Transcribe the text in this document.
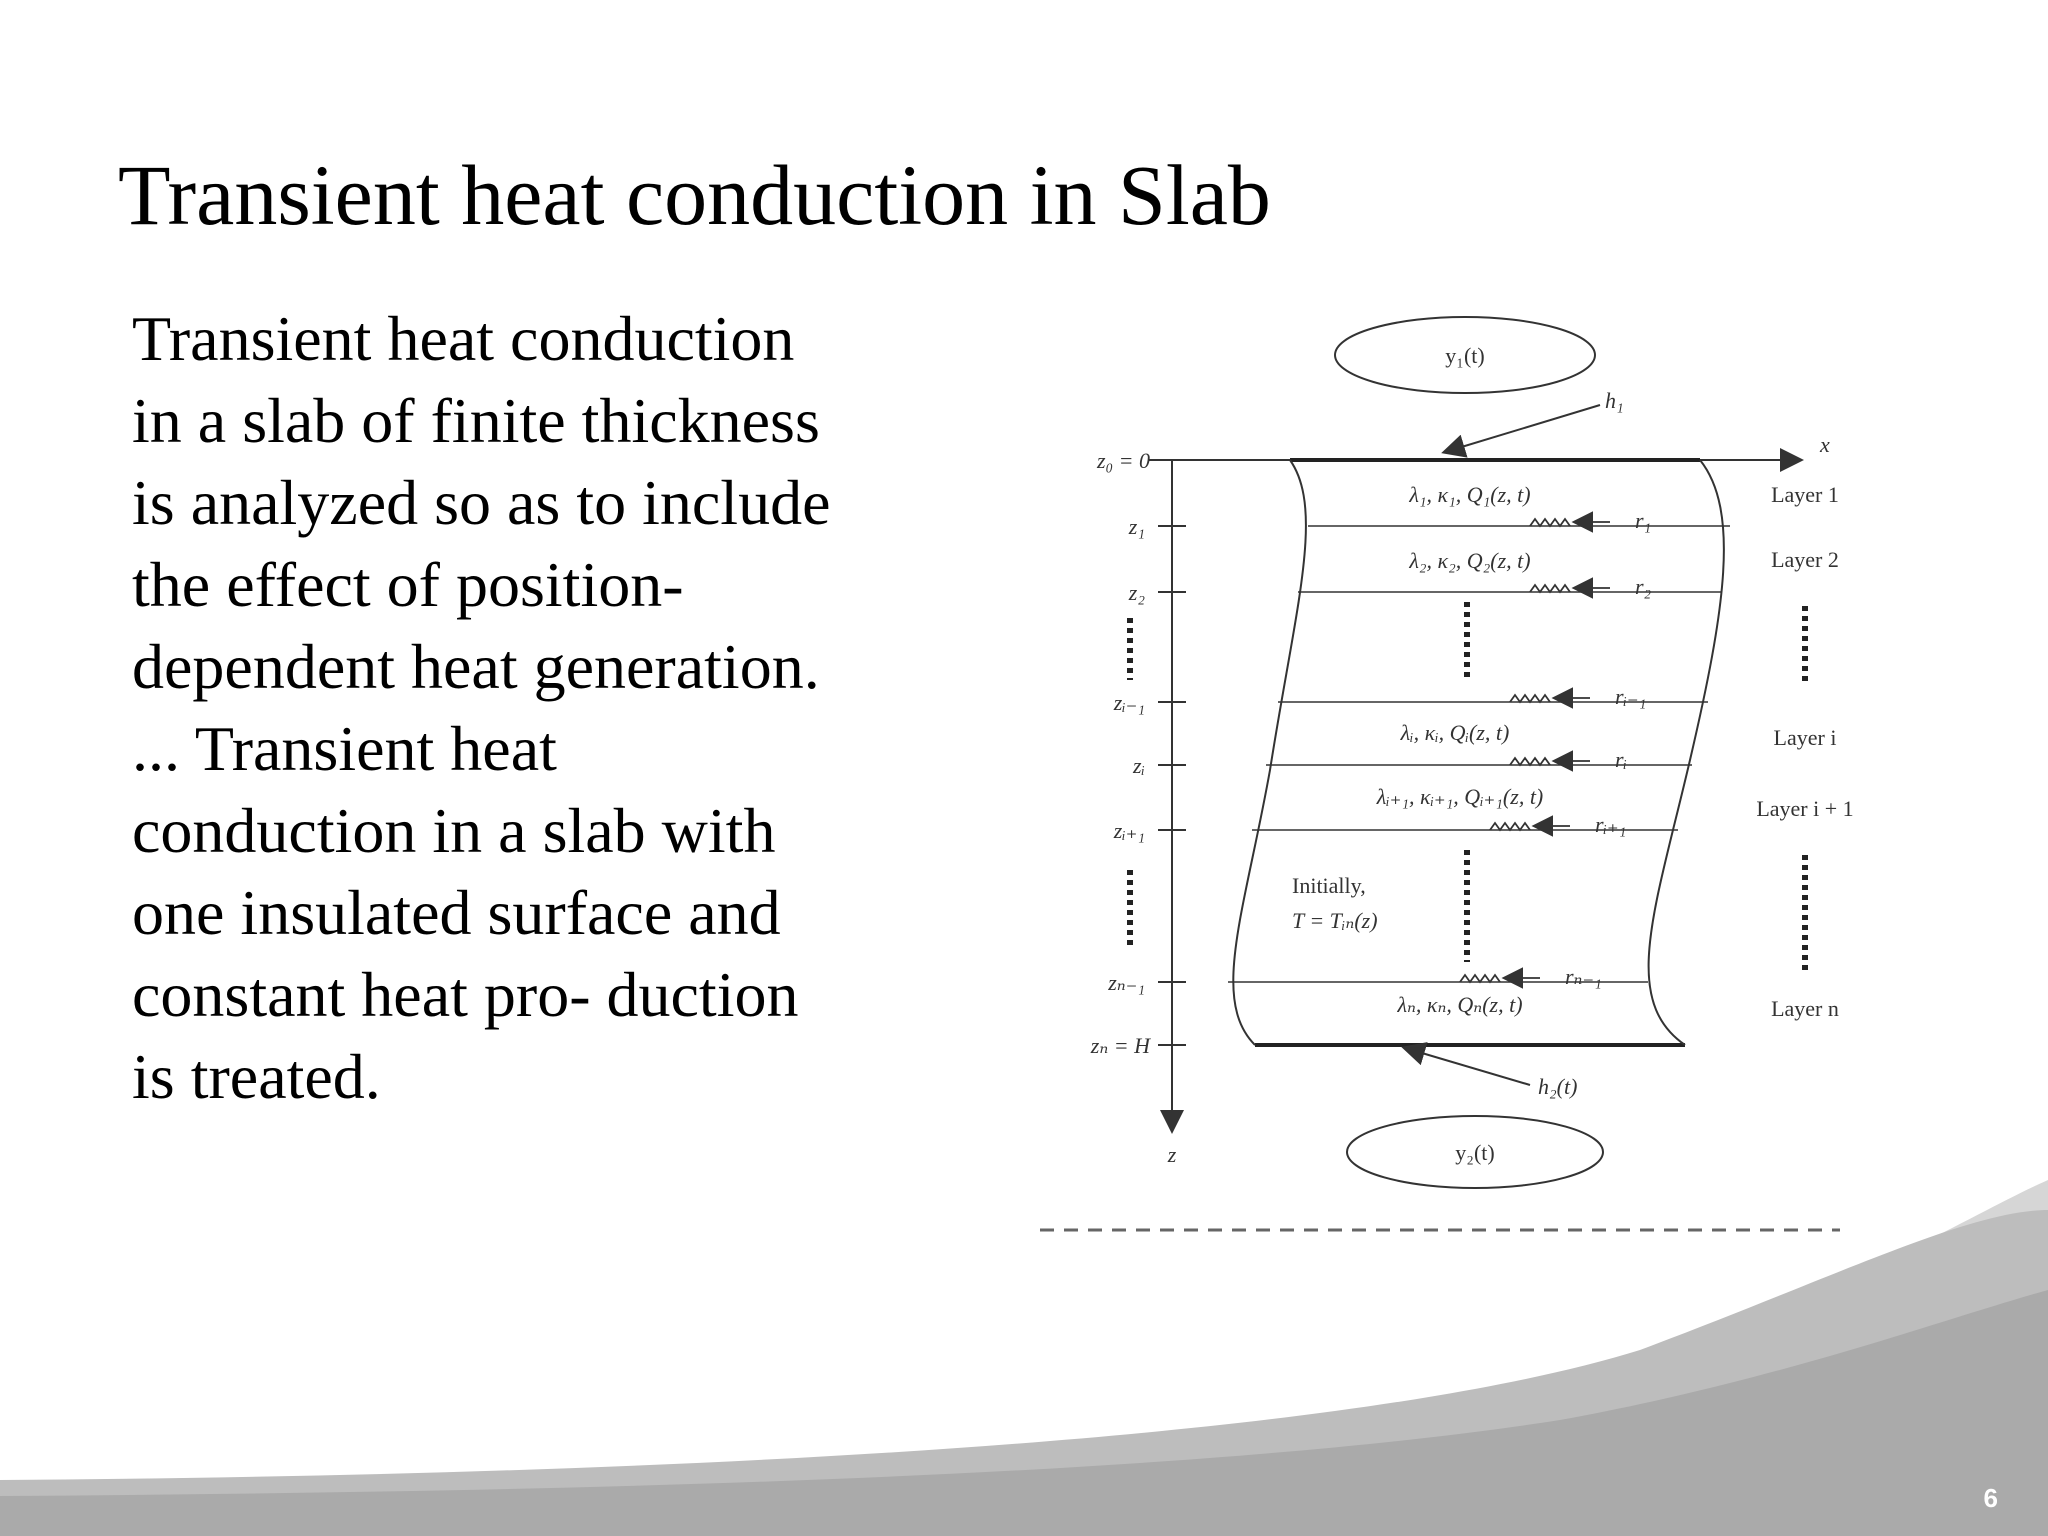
Transient heat conduction in Slab
Transient heat conduction
in a slab of finite thickness
is analyzed so as to include
the effect of position-
dependent heat generation.
... Transient heat
conduction in a slab with
one insulated surface and
constant heat pro- duction
is treated.
y₁(t)
h₁
x
z
z₀ = 0
z₁
z₂
zᵢ₋₁
zᵢ
zᵢ₊₁
zₙ₋₁
zₙ = H
λ₁, κ₁, Q₁(z, t)
λ₂, κ₂, Q₂(z, t)
λᵢ, κᵢ, Qᵢ(z, t)
λᵢ₊₁, κᵢ₊₁, Qᵢ₊₁(z, t)
λₙ, κₙ, Qₙ(z, t)
r₁
r₂
rᵢ₋₁
rᵢ
rᵢ₊₁
rₙ₋₁
Layer 1
Layer 2
Layer i
Layer i + 1
Layer n
Initially,
T = Tᵢₙ(z)
h₂(t)
y₂(t)
6
